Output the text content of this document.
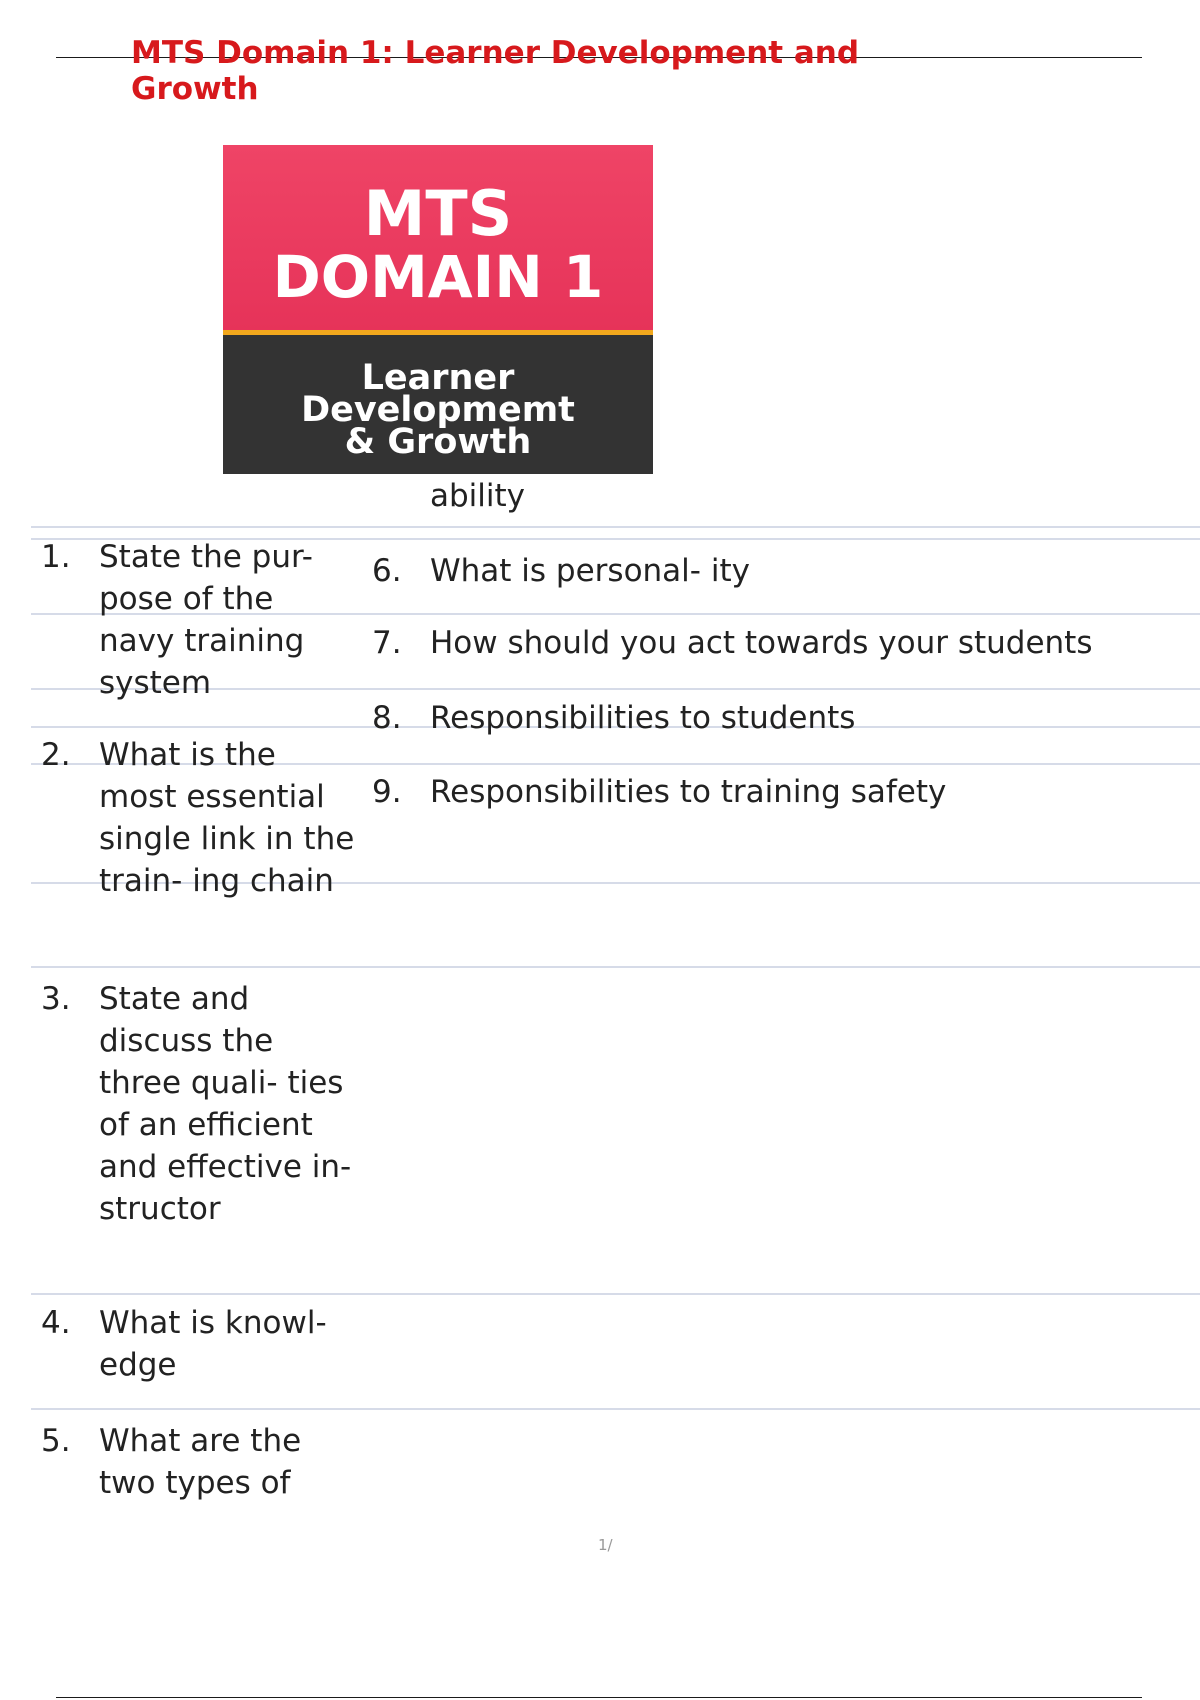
MTS Domain 1: Learner Development and Growth
MTS
DOMAIN 1
Learner
Developmemt
& Growth
ability
1. State the pur- pose of the navy training system
2. What is the most essential single link in the train- ing chain
3. State and discuss the three quali- ties of an efficient and effective in- structor
4. What is knowl- edge
5. What are the two types of
6. What is personal- ity
7. How should you act towards your students
8. Responsibilities to students
9. Responsibilities to training safety
1/
